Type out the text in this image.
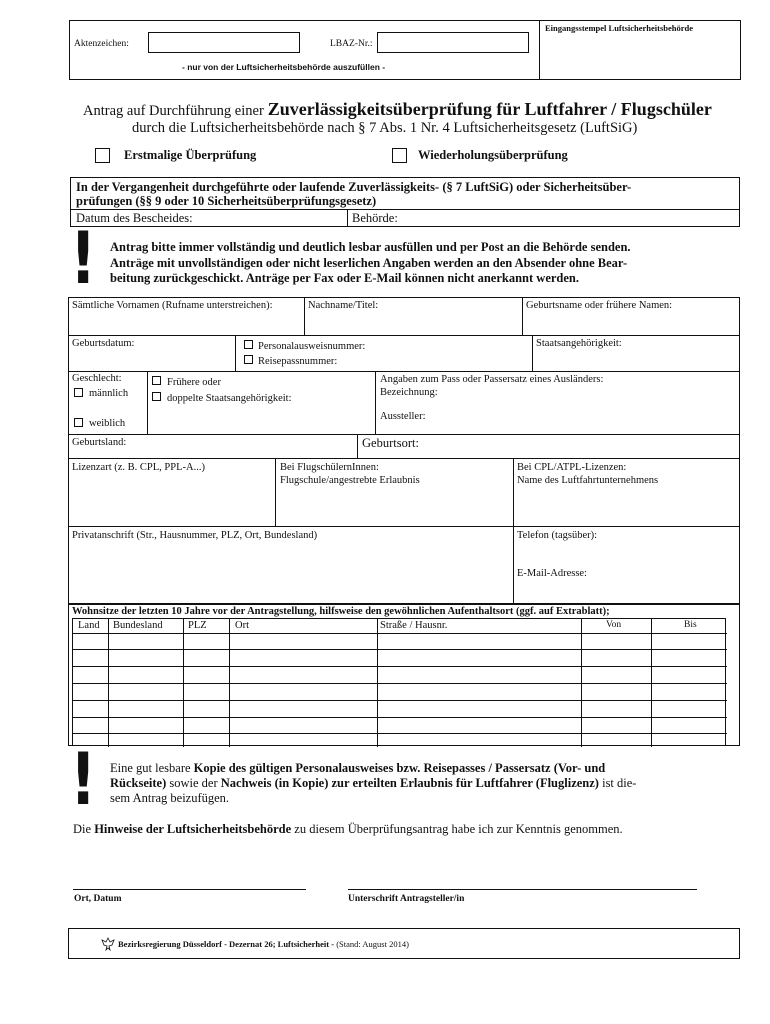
Aktenzeichen:	LBAZ-Nr.:
- nur von der Luftsicherheitsbehörde auszufüllen -
Eingangsstempel Luftsicherheitsbehörde
Antrag auf Durchführung einer Zuverlässigkeitsüberprüfung für Luftfahrer / Flugschüler
durch die Luftsicherheitsbehörde nach § 7 Abs. 1 Nr. 4 Luftsicherheitsgesetz (LuftSiG)
Erstmalige Überprüfung	Wiederholungsüberprüfung
In der Vergangenheit durchgeführte oder laufende Zuverlässigkeits- (§ 7 LuftSiG) oder Sicherheitsüber-
prüfungen (§§ 9 oder 10 Sicherheitsüberprüfungsgesetz)
Datum des Bescheides:	Behörde:
! Antrag bitte immer vollständig und deutlich lesbar ausfüllen und per Post an die Behörde senden.
Anträge mit unvollständigen oder nicht leserlichen Angaben werden an den Absender ohne Bear-
beitung zurückgeschickt. Anträge per Fax oder E-Mail können nicht anerkannt werden.
Sämtliche Vornamen (Rufname unterstreichen):	Nachname/Titel:	Geburtsname oder frühere Namen:
Geburtsdatum:	Personalausweisnummer:
Reisepassnummer:
Staatsangehörigkeit:
Geschlecht:
männlich
weiblich
Frühere oder
doppelte Staatsangehörigkeit:
Angaben zum Pass oder Passersatz eines Ausländers:
Bezeichnung:
Aussteller:
Geburtsland:	Geburtsort:
Lizenzart (z. B. CPL, PPL-A...)	Bei FlugschülernInnen:
Flugschule/angestrebte Erlaubnis
Bei CPL/ATPL-Lizenzen:
Name des Luftfahrtunternehmens
Privatanschrift (Str., Hausnummer, PLZ, Ort, Bundesland)	Telefon (tagsüber):
E-Mail-Adresse:
Wohnsitze der letzten 10 Jahre vor der Antragstellung, hilfsweise den gewöhnlichen Aufenthaltsort (ggf. auf Extrablatt);
Land Bundesland PLZ	Ort	Straße / Hausnr.	Von	Bis
! Eine gut lesbare Kopie des gültigen Personalausweises bzw. Reisepasses / Passersatz (Vor- und
Rückseite) sowie der Nachweis (in Kopie) zur erteilten Erlaubnis für Luftfahrer (Fluglizenz) ist die-
sem Antrag beizufügen.
Die Hinweise der Luftsicherheitsbehörde zu diesem Überprüfungsantrag habe ich zur Kenntnis genommen.
Ort, Datum	Unterschrift Antragsteller/in
Bezirksregierung Düsseldorf - Dezernat 26; Luftsicherheit - (Stand: August 2014)
